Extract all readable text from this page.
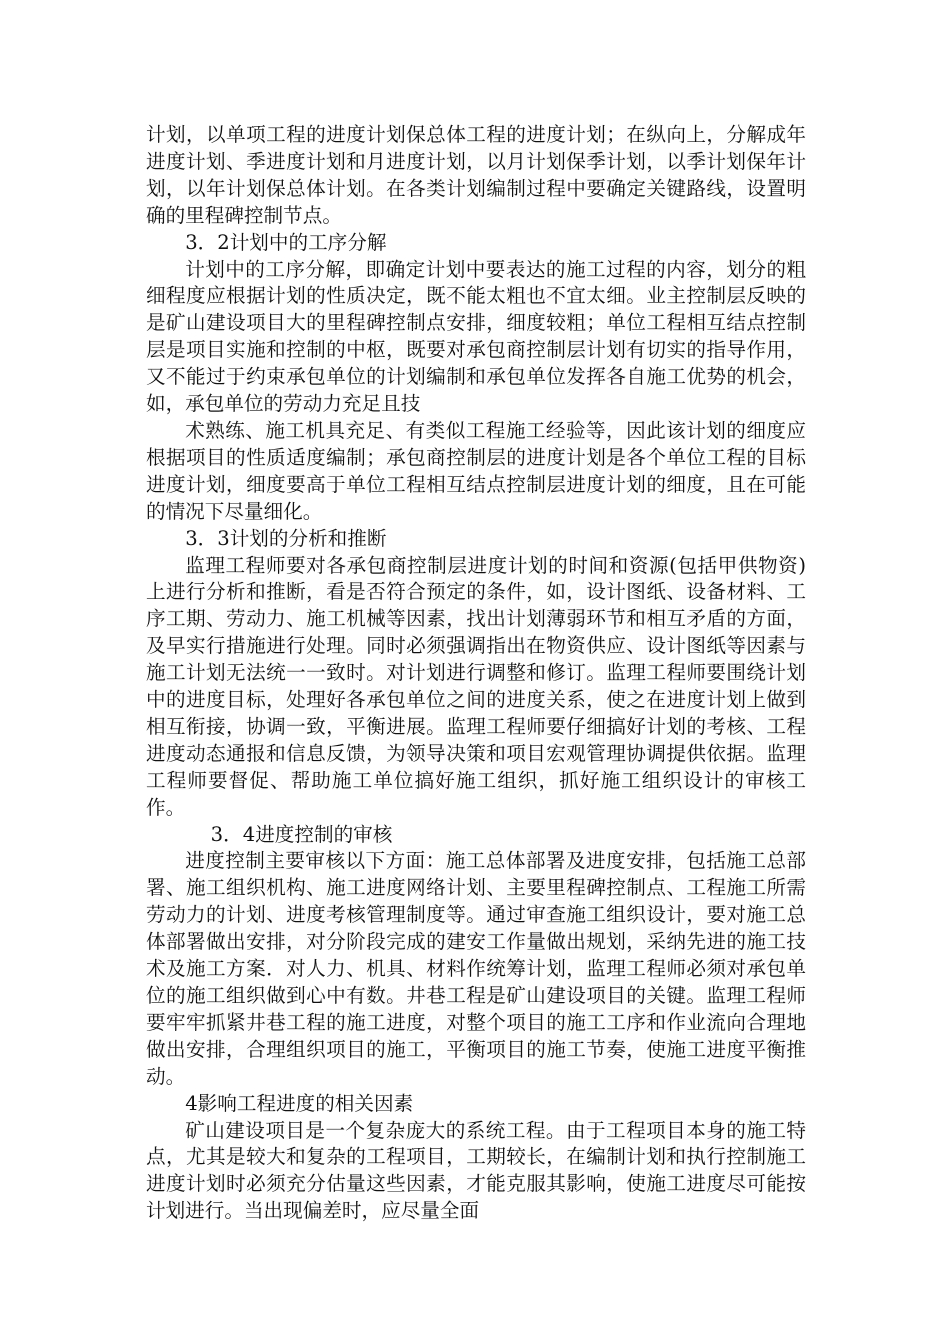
计划，以单项工程的进度计划保总体工程的进度计划；在纵向上，分解成年进度计划、季进度计划和月进度计划，以月计划保季计划，以季计划保年计划，以年计划保总体计划。在各类计划编制过程中要确定关键路线，设置明确的里程碑控制节点。

3．2计划中的工序分解

计划中的工序分解，即确定计划中要表达的施工过程的内容，划分的粗细程度应根据计划的性质决定，既不能太粗也不宜太细。业主控制层反映的是矿山建设项目大的里程碑控制点安排，细度较粗；单位工程相互结点控制层是项目实施和控制的中枢，既要对承包商控制层计划有切实的指导作用，又不能过于约束承包单位的计划编制和承包单位发挥各自施工优势的机会，如，承包单位的劳动力充足且技

术熟练、施工机具充足、有类似工程施工经验等，因此该计划的细度应根据项目的性质适度编制；承包商控制层的进度计划是各个单位工程的目标进度计划，细度要高于单位工程相互结点控制层进度计划的细度，且在可能的情况下尽量细化。

3．3计划的分析和推断

监理工程师要对各承包商控制层进度计划的时间和资源(包括甲供物资)上进行分析和推断，看是否符合预定的条件，如，设计图纸、设备材料、工序工期、劳动力、施工机械等因素，找出计划薄弱环节和相互矛盾的方面，及早实行措施进行处理。同时必须强调指出在物资供应、设计图纸等因素与施工计划无法统一一致时。对计划进行调整和修订。监理工程师要围绕计划中的进度目标，处理好各承包单位之间的进度关系，使之在进度计划上做到相互衔接，协调一致，平衡进展。监理工程师要仔细搞好计划的考核、工程进度动态通报和信息反馈，为领导决策和项目宏观管理协调提供依据。监理工程师要督促、帮助施工单位搞好施工组织，抓好施工组织设计的审核工作。

3．4进度控制的审核

进度控制主要审核以下方面：施工总体部署及进度安排，包括施工总部署、施工组织机构、施工进度网络计划、主要里程碑控制点、工程施工所需劳动力的计划、进度考核管理制度等。通过审查施工组织设计，要对施工总体部署做出安排，对分阶段完成的建安工作量做出规划，采纳先进的施工技术及施工方案．对人力、机具、材料作统筹计划，监理工程师必须对承包单位的施工组织做到心中有数。井巷工程是矿山建设项目的关键。监理工程师要牢牢抓紧井巷工程的施工进度，对整个项目的施工工序和作业流向合理地做出安排，合理组织项目的施工，平衡项目的施工节奏，使施工进度平衡推动。

4影响工程进度的相关因素

矿山建设项目是一个复杂庞大的系统工程。由于工程项目本身的施工特点，尤其是较大和复杂的工程项目，工期较长，在编制计划和执行控制施工进度计划时必须充分估量这些因素，才能克服其影响，使施工进度尽可能按计划进行。当出现偏差时，应尽量全面
